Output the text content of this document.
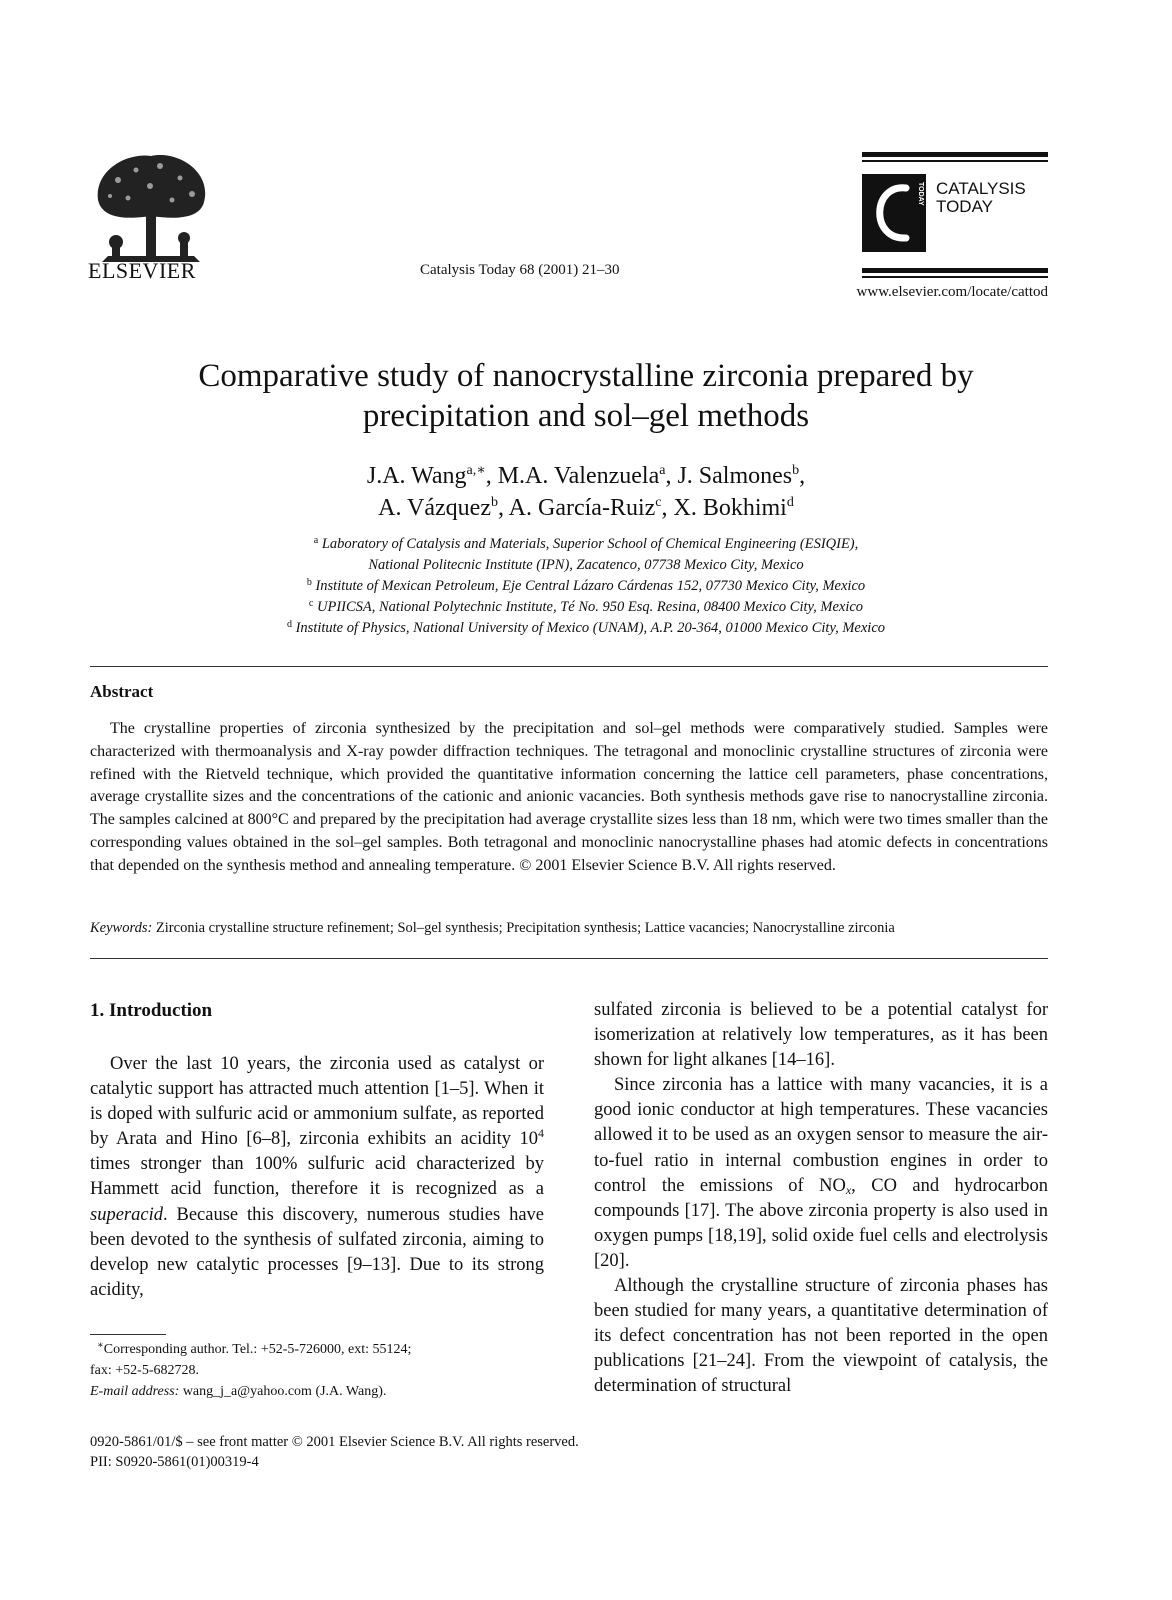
ELSEVIER	Catalysis Today 68 (2001) 21–30
TODAY CATALYSIS
TODAY
www.elsevier.com/locate/cattod
Comparative study of nanocrystalline zirconia prepared by
precipitation and sol–gel methods
J.A. Wang$^{a,∗}$, M.A. Valenzuela$^a$, J. Salmones$^b$,
A. Vázquez$^b$, A. García-Ruiz$^c$, X. Bokhimi$^d$
$^a$ Laboratory of Catalysis and Materials, Superior School of Chemical Engineering (ESIQIE),
National Politecnic Institute (IPN), Zacatenco, 07738 Mexico City, Mexico
$^b$ Institute of Mexican Petroleum, Eje Central Lázaro Cárdenas 152, 07730 Mexico City, Mexico
$^c$ UPIICSA, National Polytechnic Institute, Té No. 950 Esq. Resina, 08400 Mexico City, Mexico
$^d$ Institute of Physics, National University of Mexico (UNAM), A.P. 20-364, 01000 Mexico City, Mexico
Abstract

The crystalline properties of zirconia synthesized by the precipitation and sol–gel methods were comparatively studied. Samples were characterized with thermoanalysis and X-ray powder diffraction techniques. The tetragonal and monoclinic crystalline structures of zirconia were refined with the Rietveld technique, which provided the quantitative information concerning the lattice cell parameters, phase concentrations, average crystallite sizes and the concentrations of the cationic and anionic vacancies. Both synthesis methods gave rise to nanocrystalline zirconia. The samples calcined at 800°C and prepared by the precipitation had average crystallite sizes less than 18 nm, which were two times smaller than the corresponding values obtained in the sol–gel samples. Both tetragonal and monoclinic nanocrystalline phases had atomic defects in concentrations that depended on the synthesis method and annealing temperature. © 2001 Elsevier Science B.V. All rights reserved.

Keywords: Zirconia crystalline structure refinement; Sol–gel synthesis; Precipitation synthesis; Lattice vacancies; Nanocrystalline zirconia

1. Introduction

Over the last 10 years, the zirconia used as catalyst or catalytic support has attracted much attention [1–5]. When it is doped with sulfuric acid or ammonium sulfate, as reported by Arata and Hino [6–8], zirconia exhibits an acidity $10^4$ times stronger than 100% sulfuric acid characterized by Hammett acid function, therefore it is recognized as a superacid. Because this discovery, numerous studies have been devoted to the synthesis of sulfated zirconia, aiming to develop new catalytic processes [9–13]. Due to its strong acidity,

sulfated zirconia is believed to be a potential catalyst for isomerization at relatively low temperatures, as it has been shown for light alkanes [14–16].

Since zirconia has a lattice with many vacancies, it is a good ionic conductor at high temperatures. These vacancies allowed it to be used as an oxygen sensor to measure the air-to-fuel ratio in internal combustion engines in order to control the emissions of $NO_x$, CO and hydrocarbon compounds [17]. The above zirconia property is also used in oxygen pumps [18,19], solid oxide fuel cells and electrolysis [20].

Although the crystalline structure of zirconia phases has been studied for many years, a quantitative determination of its defect concentration has not been reported in the open publications [21–24]. From the viewpoint of catalysis, the determination of structural

∗Corresponding author. Tel.: +52-5-726000, ext: 55124;
fax: +52-5-682728.
E-mail address: wang_j_a@yahoo.com (J.A. Wang).
0920-5861/01/$ – see front matter © 2001 Elsevier Science B.V. All rights reserved.
PII: S0920-5861(01)00319-4
